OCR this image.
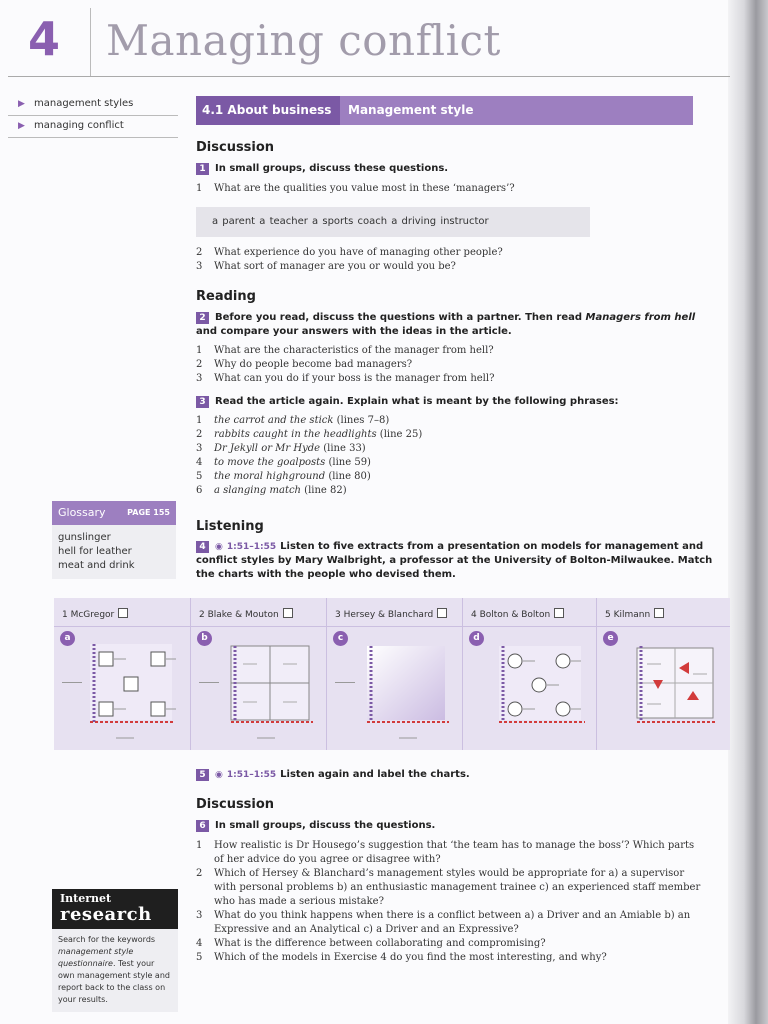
4 Managing conflict
▶ management styles
▶ managing conflict
4.1 About business	Management style
Discussion
1 In small groups, discuss these questions.
1 What are the qualities you value most in these ‘managers’?
a parent a teacher a sports coach a driving instructor
2 What experience do you have of managing other people?
3 What sort of manager are you or would you be?
Reading
2 Before you read, discuss the questions with a partner. Then read Managers from hell and compare your answers with the ideas in the article.
1 What are the characteristics of the manager from hell?
2 Why do people become bad managers?
3 What can you do if your boss is the manager from hell?
3 Read the article again. Explain what is meant by the following phrases:
1 the carrot and the stick (lines 7–8)
2 rabbits caught in the headlights (line 25)
3 Dr Jekyll or Mr Hyde (line 33)
4 to move the goalposts (line 59)
5 the moral highground (line 80)
6 a slanging match (line 82)
Glossary	PAGE 155
gunslinger
hell for leather
meat and drink
Listening
4 ◉ 1:51–1:55 Listen to five extracts from a presentation on models for management and conflict styles by Mary Walbright, a professor at the University of Bolton-Milwaukee. Match the charts with the people who devised them.
1 McGregor
a
2 Blake & Mouton
b
3 Hersey & Blanchard
c
4 Bolton & Bolton
d
5 Kilmann
e
5 ◉ 1:51–1:55 Listen again and label the charts.
Discussion
6 In small groups, discuss the questions.
1 How realistic is Dr Housego’s suggestion that ‘the team has to manage the boss’? Which parts of her advice do you agree or disagree with?
2 Which of Hersey & Blanchard’s management styles would be appropriate for a) a supervisor with personal problems b) an enthusiastic management trainee c) an experienced staff member who has made a serious mistake?
3 What do you think happens when there is a conflict between a) a Driver and an Amiable b) an Expressive and an Analytical c) a Driver and an Expressive?
4 What is the difference between collaborating and compromising?
5 Which of the models in Exercise 4 do you find the most interesting, and why?
Internet
research
Search for the keywords management style questionnaire. Test your own management style and report back to the class on your results.
